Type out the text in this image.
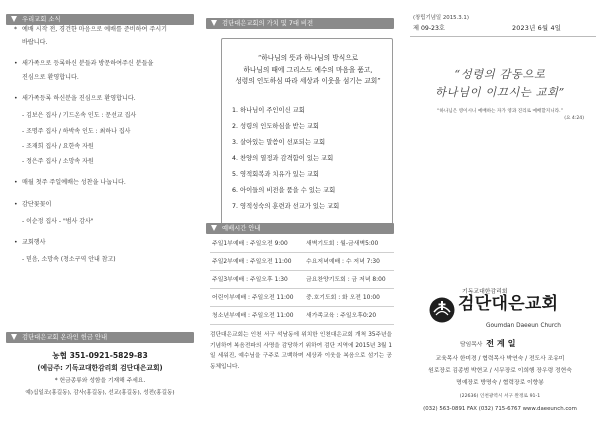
우리교회 소식
* 예배 시작 전, 경건한 마음으로 예배를 준비하여 주시기
바랍니다.
• 새가족으로 등록하신 분들과 방문하여주신 분들을
진심으로 환영합니다.
• 새가족등록 하신분을 진심으로 환영합니다.
- 김보은 집사 / 기드온속 인도 : 문선교 집사
- 조명주 집사 / 하박속 인도 : 최하나 집사
- 조재희 집사 / 요한속 자원
- 정은주 집사 / 소망속 자원
• 매월 첫주 주일예배는 성찬을 나눕니다.
• 감단꽃꽂이
- 이순정 집사 - "범사 감사"
• 교회행사
- 믿음, 소망속 (청소구역 안내 참고)
검단대은교회 온라인 헌금 안내
농협 351-0921-5829-83
(예금주: 기독교대한감리회 검단대은교회)
* 헌금종류와 성함을 기재해 주세요.
예)십일조(홍길동), 감사(홍길동), 선교(홍길동), 성전(홍길동)
검단대은교회의 가치 및 7대 비전
“하나님의 뜻과 하나님의 방식으로
하나님의 때에 그리스도 예수의 마음을 품고,
성령의 인도하심 따라 세상과 이웃을 섬기는 교회”
1. 하나님이 주인이신 교회
2. 성령의 인도하심을 받는 교회
3. 살아있는 말씀이 선포되는 교회
4. 찬양의 열정과 감격함이 있는 교회
5. 영적회복과 치유가 있는 교회
6. 아이들의 비전을 품을 수 있는 교회
7. 영적성숙의 훈련과 선교가 있는 교회
예배시간 안내
주일1부예배 : 주일오전 9:00	새벽기도회 : 월-금새벽5:00
주일2부예배 : 주일오전 11:00 수요저녁예배 : 수 저녁 7:30
주일3부예배 : 주일오후 1:30	금요찬양기도회 : 금 저녁 8:00
어린이부예배 : 주일오전 11:00 중.호기도회 : 화 오전 10:00
청소년부예배 : 주일오전 11:00 새가족교육 : 주일오후0:20
검단대은교회는 인천 서구 석남동에 위치한 인천대은교회 개척 35주년을 기념하여 복음전파의 사명을 감당하기 위하여 검단 지역에 2015년 3월 1일 세워진, 예수님을 구주로 고백하며 세상과 이웃을 복음으로 섬기는 공동체입니다.
(창립기념일 2015.3.1)
제 09-23호	2023년 6월 4일
“성령의 감동으로
하나님이 이끄시는 교회”
“하나님은 영이시니 예배하는 자가 영과 진리로 예배할지니라.”
(요 4:24)
기독교대한감리회
검단대은교회
Goumdan Daeeun Church
담임목사 전 계 일
교육목사 한미경 / 협력목사 박연숙 / 전도사 조유미
원로장로 김종범 박현교 / 시무장로 이희행 장우령 정현숙
명예장로 방명숙 / 협력장로 이향봉
(22636) 인천광역시 서구 완정로 91-1
(032) 563-0891 FAX (032) 715-6767 www.daeeunch.com
